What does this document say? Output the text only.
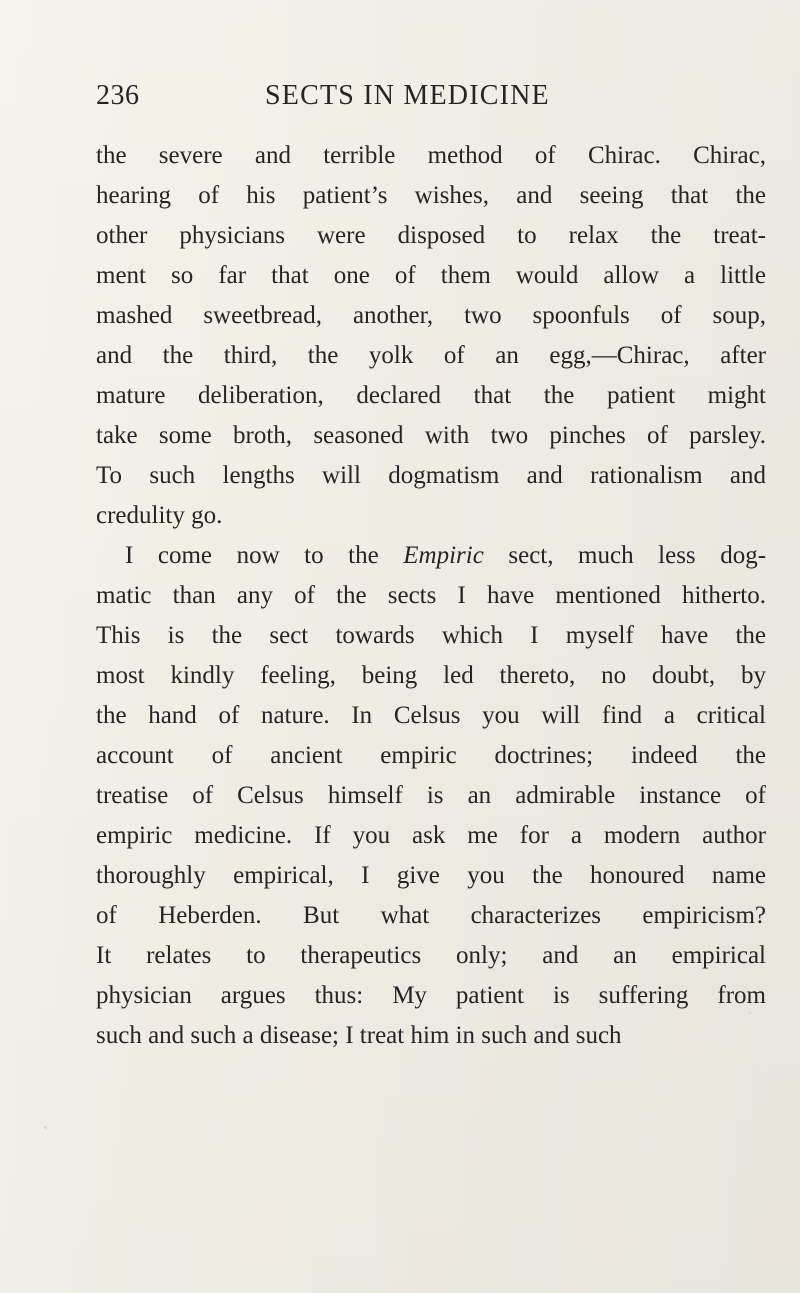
236	SECTS IN MEDICINE
the severe and terrible method of Chirac. Chirac,
hearing of his patient’s wishes, and seeing that the
other physicians were disposed to relax the treat-
ment so far that one of them would allow a little
mashed sweetbread, another, two spoonfuls of soup,
and the third, the yolk of an egg,—Chirac, after
mature deliberation, declared that the patient might
take some broth, seasoned with two pinches of parsley.
To such lengths will dogmatism and rationalism and
credulity go.
I come now to the Empiric sect, much less dog-
matic than any of the sects I have mentioned hitherto.
This is the sect towards which I myself have the
most kindly feeling, being led thereto, no doubt, by
the hand of nature. In Celsus you will find a critical
account of ancient empiric doctrines; indeed the
treatise of Celsus himself is an admirable instance of
empiric medicine. If you ask me for a modern author
thoroughly empirical, I give you the honoured name
of Heberden. But what characterizes empiricism?
It relates to therapeutics only; and an empirical
physician argues thus: My patient is suffering from
such and such a disease; I treat him in such and such
